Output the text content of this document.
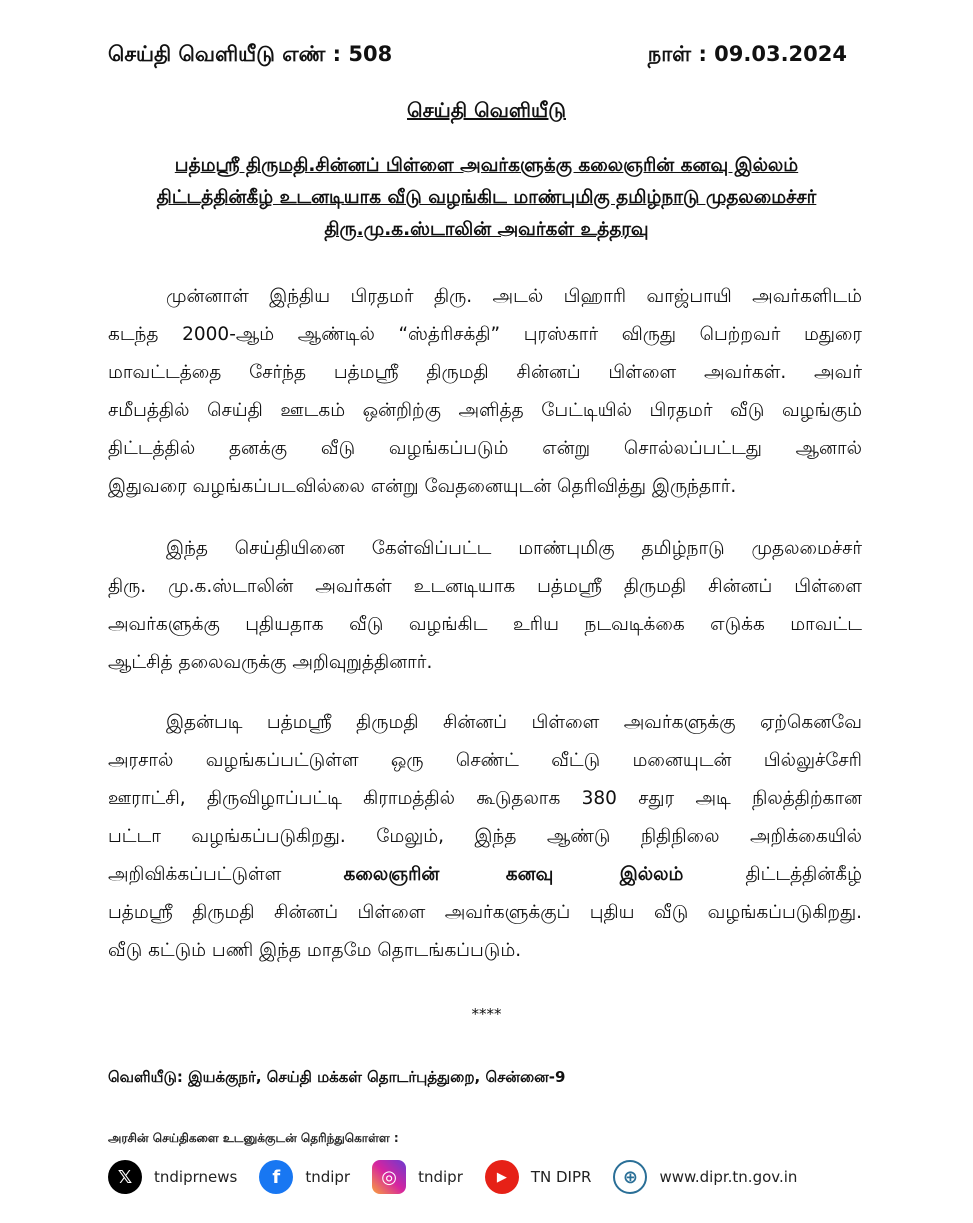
செய்தி வெளியீடு எண் : 508	நாள் : 09.03.2024
செய்தி வெளியீடு
பத்மஸ்ரீ திருமதி.சின்னப் பிள்ளை அவர்களுக்கு கலைஞரின் கனவு இல்லம்
திட்டத்தின்கீழ் உடனடியாக வீடு வழங்கிட மாண்புமிகு தமிழ்நாடு முதலமைச்சர்
திரு.மு.க.ஸ்டாலின் அவர்கள் உத்தரவு
முன்னாள் இந்திய பிரதமர் திரு. அடல் பிஹாரி வாஜ்பாயி அவர்களிடம்
கடந்த 2000-ஆம் ஆண்டில் “ஸ்த்ரிசக்தி” புரஸ்கார் விருது பெற்றவர் மதுரை
மாவட்டத்தை சேர்ந்த பத்மஸ்ரீ திருமதி சின்னப் பிள்ளை அவர்கள். அவர்
சமீபத்தில் செய்தி ஊடகம் ஒன்றிற்கு அளித்த பேட்டியில் பிரதமர் வீடு வழங்கும்
திட்டத்தில் தனக்கு வீடு வழங்கப்படும் என்று சொல்லப்பட்டது ஆனால்
இதுவரை வழங்கப்படவில்லை என்று வேதனையுடன் தெரிவித்து இருந்தார்.
இந்த செய்தியினை கேள்விப்பட்ட மாண்புமிகு தமிழ்நாடு முதலமைச்சர்
திரு. மு.க.ஸ்டாலின் அவர்கள் உடனடியாக பத்மஸ்ரீ திருமதி சின்னப் பிள்ளை
அவர்களுக்கு புதியதாக வீடு வழங்கிட உரிய நடவடிக்கை எடுக்க மாவட்ட
ஆட்சித் தலைவருக்கு அறிவுறுத்தினார்.
இதன்படி பத்மஸ்ரீ திருமதி சின்னப் பிள்ளை அவர்களுக்கு ஏற்கெனவே
அரசால் வழங்கப்பட்டுள்ள ஒரு செண்ட் வீட்டு மனையுடன் பில்லுச்சேரி
ஊராட்சி, திருவிழாப்பட்டி கிராமத்தில் கூடுதலாக 380 சதுர அடி நிலத்திற்கான
பட்டா வழங்கப்படுகிறது. மேலும், இந்த ஆண்டு நிதிநிலை அறிக்கையில்
அறிவிக்கப்பட்டுள்ள	கலைஞரின் கனவு இல்லம்	திட்டத்தின்கீழ்
பத்மஸ்ரீ திருமதி சின்னப் பிள்ளை அவர்களுக்குப் புதிய வீடு வழங்கப்படுகிறது.
வீடு கட்டும் பணி இந்த மாதமே தொடங்கப்படும்.
****
வெளியீடு: இயக்குநர், செய்தி மக்கள் தொடர்புத்துறை, சென்னை-9
அரசின் செய்திகளை உடனுக்குடன் தெரிந்துகொள்ள :
𝕏	tndiprnews	f	tndipr	◎	tndipr	▶	TN DIPR	⊕	www.dipr.tn.gov.in
